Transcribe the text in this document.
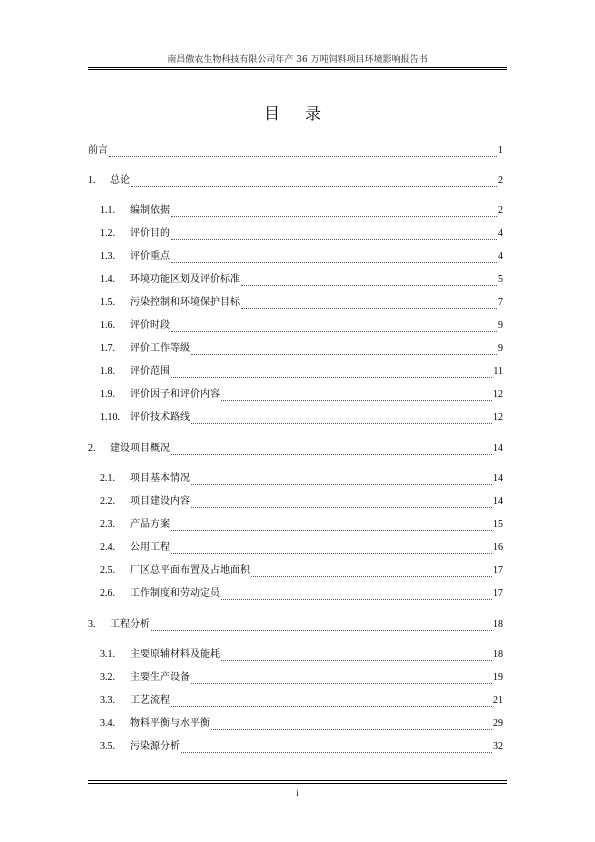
南昌傲农生物科技有限公司年产 36 万吨饲料项目环境影响报告书
目 录
前言	1
1.	总论	2
1.1.	编制依据	2
1.2.	评价目的	4
1.3.	评价重点	4
1.4.	环境功能区划及评价标准	5
1.5.	污染控制和环境保护目标	7
1.6.	评价时段	9
1.7.	评价工作等级	9
1.8.	评价范围	11
1.9.	评价因子和评价内容	12
1.10.	评价技术路线	12
2.	建设项目概况	14
2.1.	项目基本情况	14
2.2.	项目建设内容	14
2.3.	产品方案	15
2.4.	公用工程	16
2.5.	厂区总平面布置及占地面积	17
2.6.	工作制度和劳动定员	17
3.	工程分析	18
3.1.	主要原辅材料及能耗	18
3.2.	主要生产设备	19
3.3.	工艺流程	21
3.4.	物料平衡与水平衡	29
3.5.	污染源分析	32
i
